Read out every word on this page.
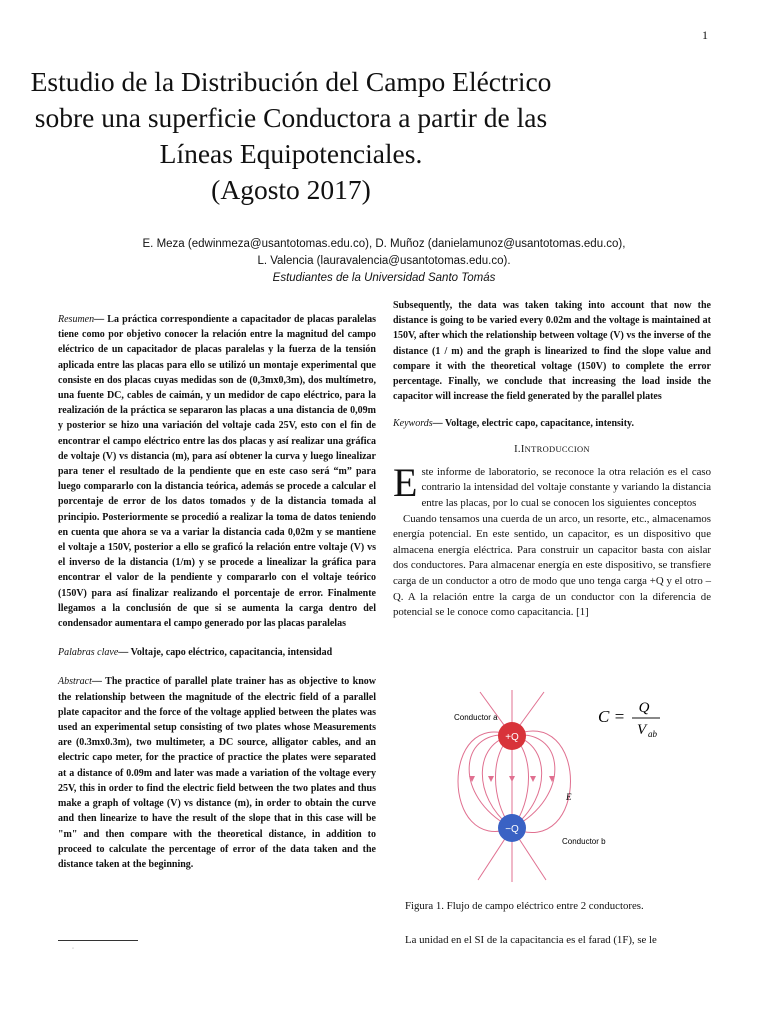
1
Estudio de la Distribución del Campo Eléctrico
sobre una superficie Conductora a partir de las
Líneas Equipotenciales.
(Agosto 2017)
E. Meza (edwinmeza@usantotomas.edu.co), D. Muñoz (danielamunoz@usantotomas.edu.co),
L. Valencia (lauravalencia@usantotomas.edu.co).
Estudiantes de la Universidad Santo Tomás

Resumen— La práctica correspondiente a capacitador de placas paralelas tiene como por objetivo conocer la relación entre la magnitud del campo eléctrico de un capacitador de placas paralelas y la fuerza de la tensión aplicada entre las placas para ello se utilizó un montaje experimental que consiste en dos placas cuyas medidas son de (0,3mx0,3m), dos multímetro, una fuente DC, cables de caimán, y un medidor de capo eléctrico, para la realización de la práctica se separaron las placas a una distancia de 0,09m y posterior se hizo una variación del voltaje cada 25V, esto con el fin de encontrar el campo eléctrico entre las dos placas y así realizar una gráfica de voltaje (V) vs distancia (m), para así obtener la curva y luego linealizar para tener el resultado de la pendiente que en este caso será “m” para luego compararlo con la distancia teórica, además se procede a calcular el porcentaje de error de los datos tomados y de la distancia tomada al principio. Posteriormente se procedió a realizar la toma de datos teniendo en cuenta que ahora se va a variar la distancia cada 0,02m y se mantiene el voltaje a 150V, posterior a ello se graficó la relación entre voltaje (V) vs el inverso de la distancia (1/m) y se procede a linealizar la gráfica para encontrar el valor de la pendiente y compararlo con el voltaje teórico (150V) para así finalizar realizando el porcentaje de error. Finalmente llegamos a la conclusión de que si se aumenta la carga dentro del condensador aumentara el campo generado por las placas paralelas

Palabras clave— Voltaje, capo eléctrico, capacitancia, intensidad

Abstract— The practice of parallel plate trainer has as objective to know the relationship between the magnitude of the electric field of a parallel plate capacitor and the force of the voltage applied between the plates was used an experimental setup consisting of two plates whose Measurements are (0.3mx0.3m), two multimeter, a DC source, alligator cables, and an electric capo meter, for the practice of practice the plates were separated at a distance of 0.09m and later was made a variation of the voltage every 25V, this in order to find the electric field between the two plates and thus make a graph of voltage (V) vs distance (m), in order to obtain the curve and then linearize to have the result of the slope that in this case will be "m" and then compare with the theoretical distance, in addition to proceed to calculate the percentage of error of the data taken and the distance taken at the beginning.

◦

Subsequently, the data was taken taking into account that now the distance is going to be varied every 0.02m and the voltage is maintained at 150V, after which the relationship between voltage (V) vs the inverse of the distance (1 / m) and the graph is linearized to find the slope value and compare it with the theoretical voltage (150V) to complete the error percentage. Finally, we conclude that increasing the load inside the capacitor will increase the field generated by the parallel plates

Keywords— Voltage, electric capo, capacitance, intensity.

I.INTRODUCCION

Este informe de laboratorio, se reconoce la otra relación es el caso contrario la intensidad del voltaje constante y variando la distancia entre las placas, por lo cual se conocen los siguientes conceptos

Cuando tensamos una cuerda de un arco, un resorte, etc., almacenamos energía potencial. En este sentido, un capacitor, es un dispositivo que almacena energía eléctrica. Para construir un capacitor basta con aislar dos conductores. Para almacenar energía en este dispositivo, se transfiere carga de un conductor a otro de modo que uno tenga carga +Q y el otro –Q. A la relación entre la carga de un conductor con la diferencia de potencial se le conoce como capacitancia. [1]

+Q
−Q
Conductor a
Conductor b
E
C = Q
V ab
Figura 1. Flujo de campo eléctrico entre 2 conductores.
La unidad en el SI de la capacitancia es el farad (1F), se le
